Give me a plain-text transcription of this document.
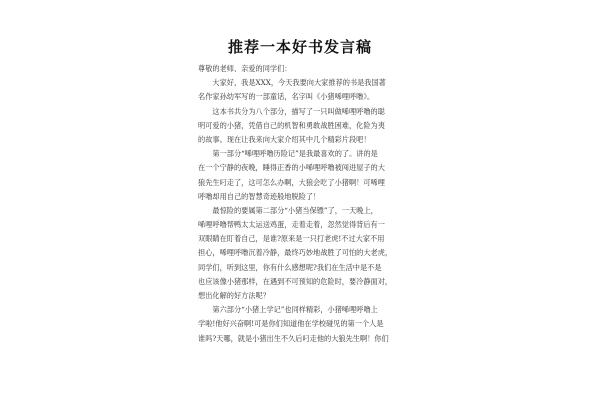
推荐一本好书发言稿
尊敬的老师、亲爱的同学们：
　　大家好，我是XXX，今天我要向大家推荐的书是我国著
名作家孙幼军写的一部童话，名字叫《小猪唏哩呼噜》。
　　这本书共分为八个部分，描写了一只叫做唏哩呼噜的聪
明可爱的小猪，凭借自己的机智和勇敢战胜困难，化险为夷
的故事。现在让我来向大家介绍其中几个精彩片段吧！
　　第一部分“唏哩呼噜历险记”是我最喜欢的了。讲的是
在一个宁静的夜晚，睡得正香的小唏哩呼噜被闯进屋子的大
狼先生叼走了，这可怎么办啊，大狼会吃了小猪啊！可唏哩
呼噜却用自己的智慧奇迹般地脱险了！
　　最惊险的要属第二部分“小猪当保镖”了，一天晚上，
唏哩呼噜帮鸭太太运送鸡蛋，走着走着，忽然觉得背后有一
双眼睛在盯着自己，是谁?原来是一只打老虎!不过大家不用
担心，唏哩呼噜沉着冷静，最终巧妙地战胜了可怕的大老虎，
同学们，听到这里，你有什么感想呢?我们在生活中是不是
也应该像小猪那样，在遇到不可预知的危险时，要冷静面对，
想出化解的好方法呢？
　　第六部分“小猪上学记”也同样精彩，小猪唏哩呼噜上
学啦!他好兴奋啊!可是你们知道他在学校碰见的第一个人是
谁吗?天哪，就是小猪出生不久后叼走他的大狼先生啊！你们
